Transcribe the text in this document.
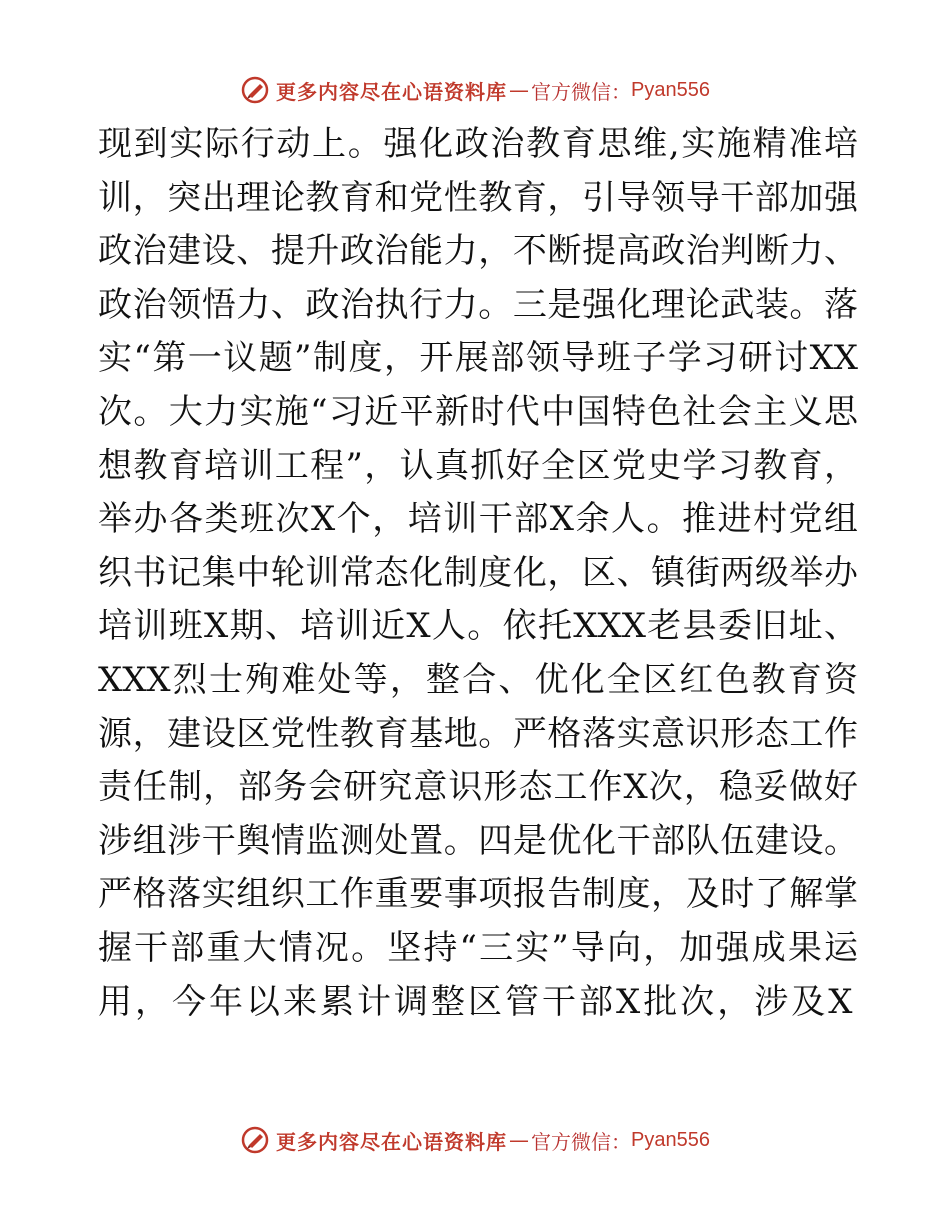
更多内容尽在心语资料库 — 官方微信： Pyan556
现到实际行动上。强化政治教育思维,实施精准培
训，突出理论教育和党性教育，引导领导干部加强
政治建设、提升政治能力，不断提高政治判断力、
政治领悟力、政治执行力。三是强化理论武装。落
实“第一议题”制度，开展部领导班子学习研讨XX
次。大力实施“习近平新时代中国特色社会主义思
想教育培训工程”，认真抓好全区党史学习教育，
举办各类班次X个，培训干部X余人。推进村党组
织书记集中轮训常态化制度化，区、镇街两级举办
培训班X期、培训近X人。依托XXX老县委旧址、
XXX烈士殉难处等，整合、优化全区红色教育资
源，建设区党性教育基地。严格落实意识形态工作
责任制，部务会研究意识形态工作X次，稳妥做好
涉组涉干舆情监测处置。四是优化干部队伍建设。
严格落实组织工作重要事项报告制度，及时了解掌
握干部重大情况。坚持“三实”导向，加强成果运
用，今年以来累计调整区管干部X批次，涉及X
更多内容尽在心语资料库 — 官方微信： Pyan556
